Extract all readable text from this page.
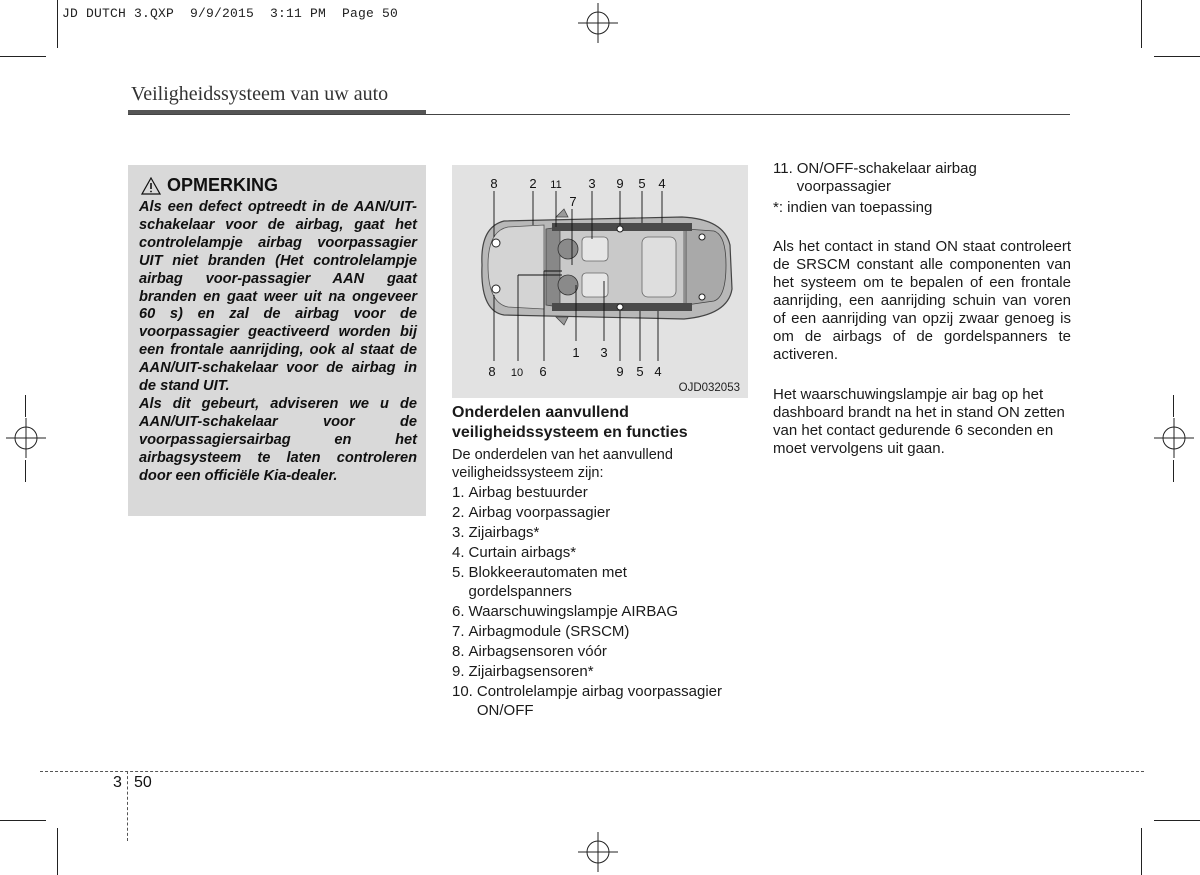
JD DUTCH 3.QXP  9/9/2015  3:11 PM  Page 50
Veiligheidssysteem van uw auto
OPMERKING

Als een defect optreedt in de AAN/UIT-schakelaar voor de airbag, gaat het controlelampje airbag voorpassagier UIT niet branden (Het controlelampje airbag voor-passagier AAN gaat branden en gaat weer uit na ongeveer 60 s) en zal de airbag voor de voorpassagier geactiveerd worden bij een frontale aanrijding, ook al staat de AAN/UIT-schakelaar voor de airbag in de stand UIT.

Als dit gebeurt, adviseren we u de AAN/UIT-schakelaar voor de voorpassagiersairbag en het airbagsysteem te laten controleren door een officiële Kia-dealer.

8 2 11 3 9 5 4
7
1 3
8 10 6	9 5 4
OJD032053

Onderdelen aanvullend veiligheidssysteem en functies

De onderdelen van het aanvullend veiligheidssysteem zijn:

1. Airbag bestuurder
2. Airbag voorpassagier
3. Zijairbags*
4. Curtain airbags*
5. Blokkeerautomaten met gordelspanners
6. Waarschuwingslampje AIRBAG
7. Airbagmodule (SRSCM)
8. Airbagsensoren vóór
9. Zijairbagsensoren*
10. Controlelampje airbag voorpassagier ON/OFF
11. ON/OFF-schakelaar airbag voorpassagier

*: indien van toepassing

Als het contact in stand ON staat controleert de SRSCM constant alle componenten van het systeem om te bepalen of een frontale aanrijding, een aanrijding schuin van voren of een aanrijding van opzij zwaar genoeg is om de airbags of de gordelspanners te activeren.

Het waarschuwingslampje air bag op het dashboard brandt na het in stand ON zetten van het contact gedurende 6 seconden en moet vervolgens uit gaan.

3 50
